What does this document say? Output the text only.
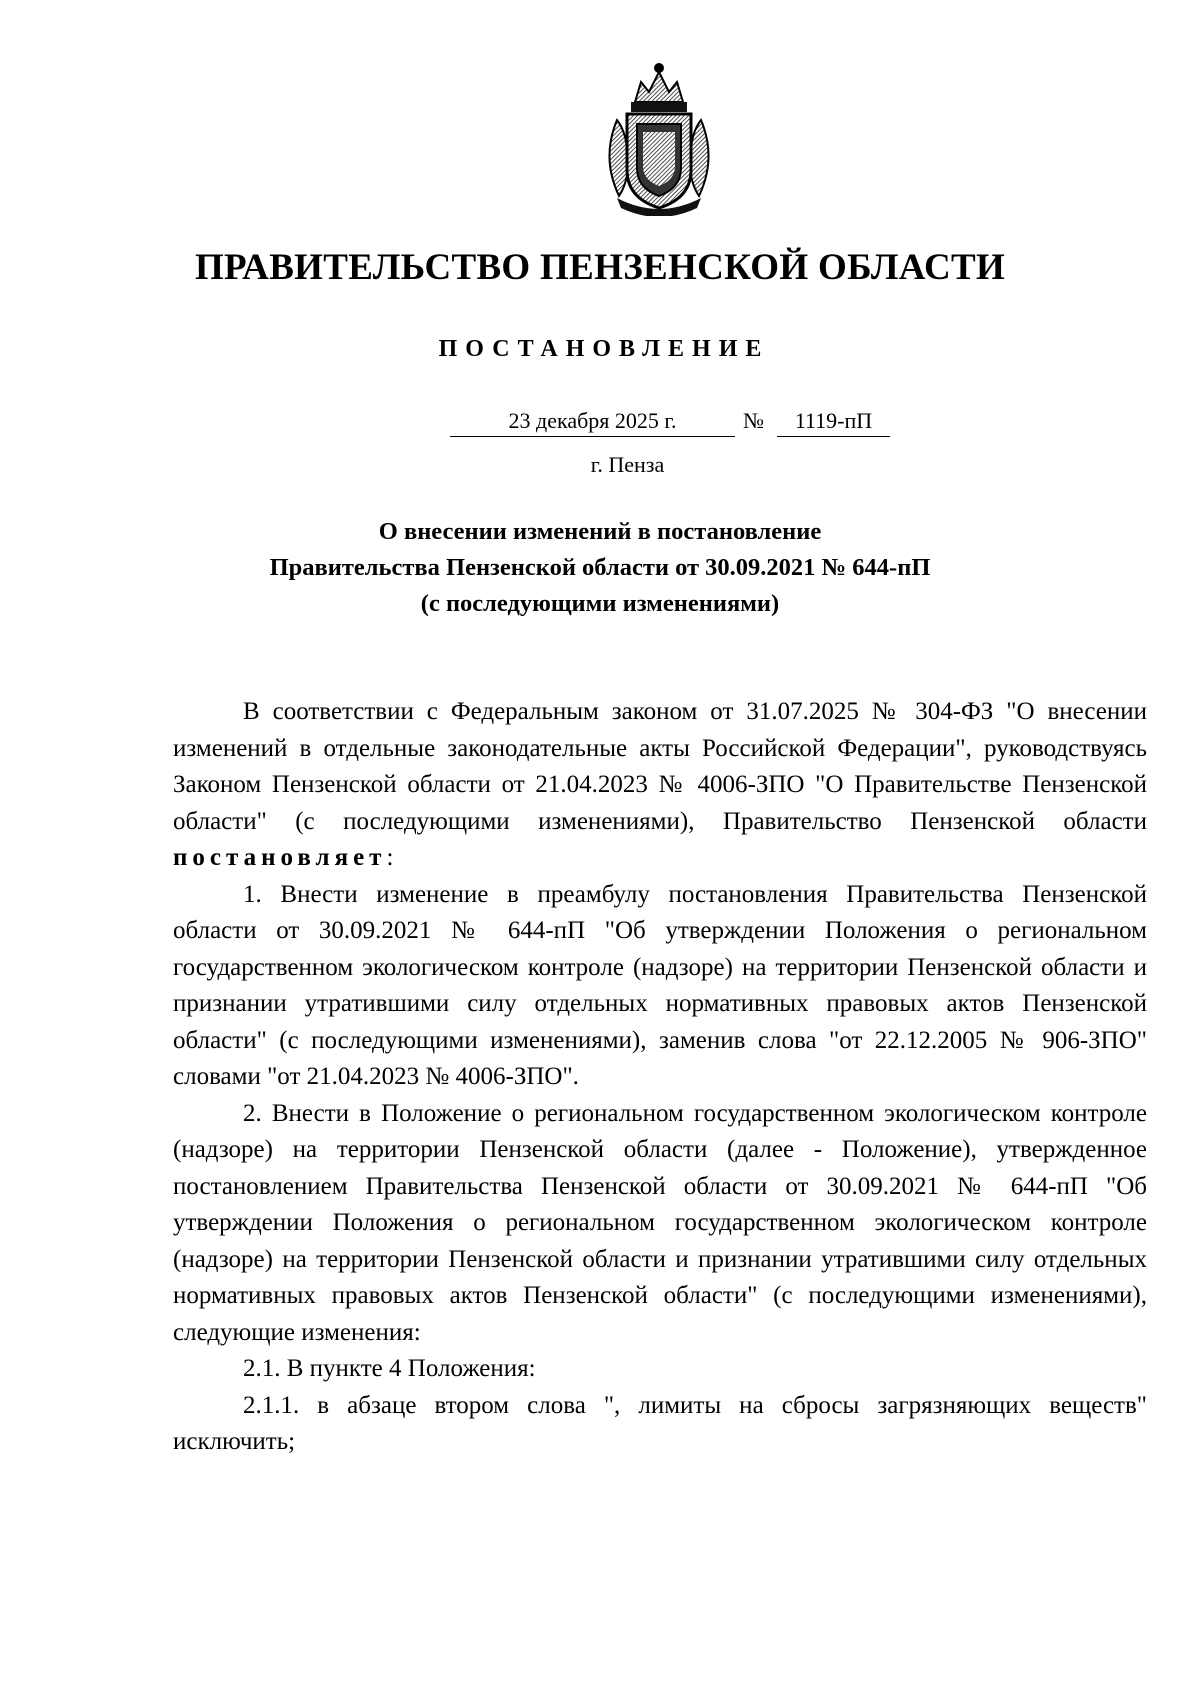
ПРАВИТЕЛЬСТВО ПЕНЗЕНСКОЙ ОБЛАСТИ
ПОСТАНОВЛЕНИЕ
23 декабря 2025 г.	№	1119-пП
г. Пенза
О внесении изменений в постановление
Правительства Пензенской области от 30.09.2021 № 644-пП
(с последующими изменениями)

В соответствии с Федеральным законом от 31.07.2025 № 304-ФЗ "О внесении изменений в отдельные законодательные акты Российской Федерации", руководствуясь Законом Пензенской области от 21.04.2023 № 4006-ЗПО "О Правительстве Пензенской области" (с последующими изменениями), Правительство Пензенской области постановляет:

1. Внести изменение в преамбулу постановления Правительства Пензенской области от 30.09.2021 № 644-пП "Об утверждении Положения о региональном государственном экологическом контроле (надзоре) на территории Пензенской области и признании утратившими силу отдельных нормативных правовых актов Пензенской области" (с последующими изменениями), заменив слова "от 22.12.2005 № 906-ЗПО" словами "от 21.04.2023 № 4006-ЗПО".

2. Внести в Положение о региональном государственном экологическом контроле (надзоре) на территории Пензенской области (далее - Положение), утвержденное постановлением Правительства Пензенской области от 30.09.2021 № 644-пП "Об утверждении Положения о региональном государственном экологическом контроле (надзоре) на территории Пензенской области и признании утратившими силу отдельных нормативных правовых актов Пензенской области" (с последующими изменениями), следующие изменения:

2.1. В пункте 4 Положения:

2.1.1. в абзаце втором слова ", лимиты на сбросы загрязняющих веществ" исключить;
